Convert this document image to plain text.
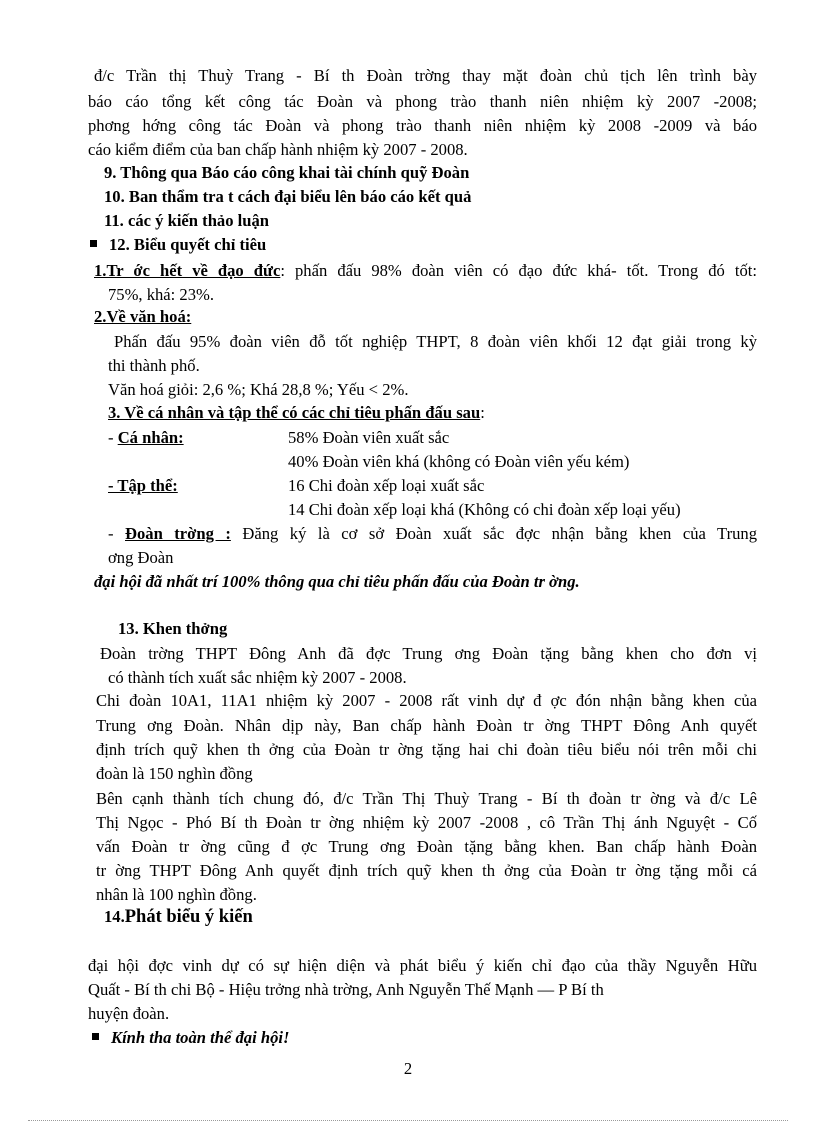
đ/c Trần thị Thuỳ Trang - Bí th Đoàn trờng thay mặt đoàn chủ tịch lên trình bày
báo cáo tổng kết công tác Đoàn và phong trào thanh niên nhiệm kỳ 2007 -2008;
phơng hớng công tác Đoàn và phong trào thanh niên nhiệm kỳ 2008 -2009 và báo
cáo kiểm điểm của ban chấp hành nhiệm kỳ 2007 - 2008.
9. Thông qua Báo cáo công khai tài chính quỹ Đoàn
10. Ban thẩm tra t cách đại biểu lên báo cáo kết quả
11. các ý kiến thảo luận
12. Biểu quyết chỉ tiêu
1.Tr ớc hết về đạo đức: phấn đấu 98% đoàn viên có đạo đức khá- tốt. Trong đó tốt:
75%, khá: 23%.
2.Về văn hoá:
Phấn đấu 95% đoàn viên đỗ tốt nghiệp THPT, 8 đoàn viên khối 12 đạt giải trong kỳ
thi thành phố.
Văn hoá giỏi: 2,6 %; Khá 28,8 %; Yếu < 2%.
3. Về cá nhân và tập thể có các chỉ tiêu phấn đấu sau:
- Cá nhân:	58% Đoàn viên xuất sắc
40% Đoàn viên khá (không có Đoàn viên yếu kém)
- Tập thể:	16 Chi đoàn xếp loại xuất sắc
14 Chi đoàn xếp loại khá (Không có chi đoàn xếp loại yếu)
- Đoàn trờng : Đăng ký là cơ sở Đoàn xuất sắc đợc nhận bằng khen của Trung
ơng Đoàn
đại hội đã nhất trí 100% thông qua chỉ tiêu phấn đấu của Đoàn tr ờng.
13. Khen thởng
Đoàn trờng THPT Đông Anh đã đợc Trung ơng Đoàn tặng bằng khen cho đơn vị
có thành tích xuất sắc nhiệm kỳ 2007 - 2008.
Chi đoàn 10A1, 11A1 nhiệm kỳ 2007 - 2008 rất vinh dự đ ợc đón nhận bằng khen của
Trung ơng Đoàn. Nhân dịp này, Ban chấp hành Đoàn tr ờng THPT Đông Anh quyết
định trích quỹ khen th ởng của Đoàn tr ờng tặng hai chi đoàn tiêu biểu nói trên mỗi chi
đoàn là 150 nghìn đồng
Bên cạnh thành tích chung đó, đ/c Trần Thị Thuỳ Trang - Bí th đoàn tr ờng và đ/c Lê
Thị Ngọc - Phó Bí th Đoàn tr ờng nhiệm kỳ 2007 -2008 , cô Trần Thị ánh Nguyệt - Cố
vấn Đoàn tr ờng cũng đ ợc Trung ơng Đoàn tặng bằng khen. Ban chấp hành Đoàn
tr ờng THPT Đông Anh quyết định trích quỹ khen th ởng của Đoàn tr ờng tặng mỗi cá
nhân là 100 nghìn đồng.
14.Phát biểu ý kiến
đại hội đợc vinh dự có sự hiện diện và phát biểu ý kiến chỉ đạo của thầy Nguyễn Hữu
Quất - Bí th chi Bộ - Hiệu trởng nhà trờng, Anh Nguyễn Thế Mạnh — P Bí th
huyện đoàn.
Kính tha toàn thể đại hội!
2
